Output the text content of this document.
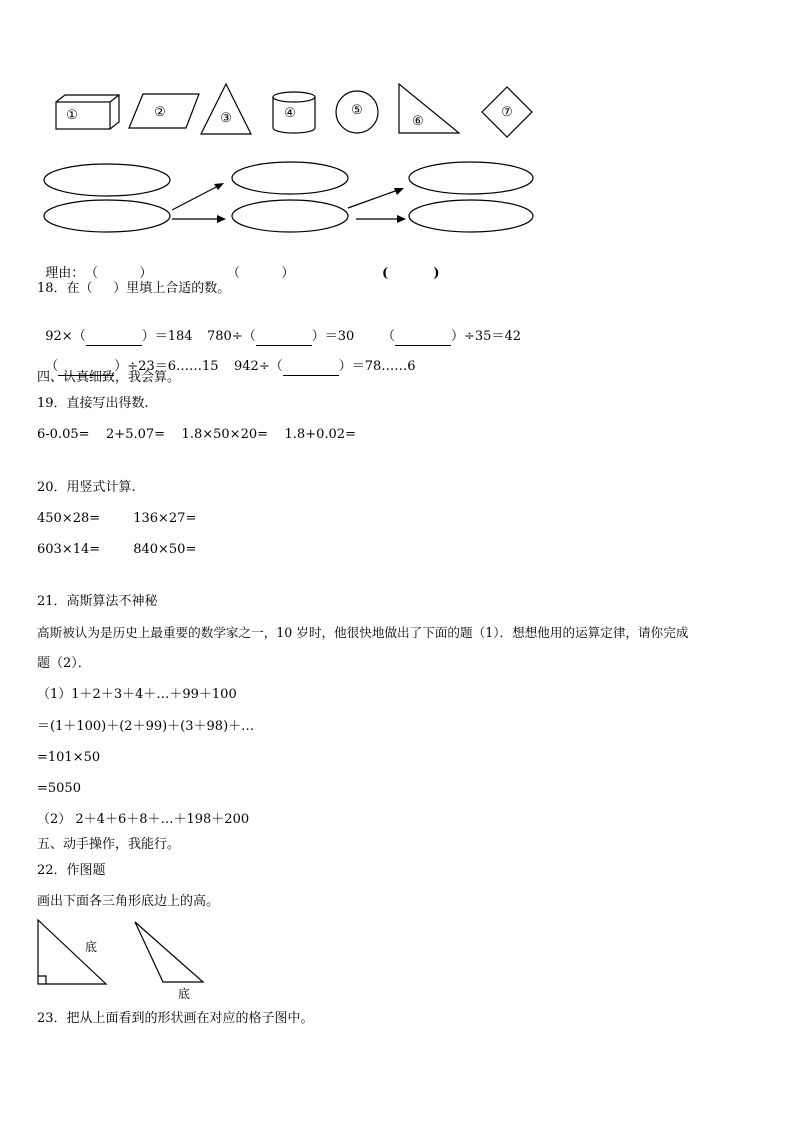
①	②	③	④	⑤
⑥
⑦

理由： （          ）	（          ）	(          )

18．在（     ）里填上合适的数。

92×（	）＝184 780÷（	）＝30 （	）÷35＝42

（	）÷23＝6……15 942÷（	）＝78……6

四、认真细致，我会算。
19．直接写出得数.
6-0.05=    2+5.07=    1.8×50×20=    1.8+0.02=
20．用竖式计算.
450×28=        136×27=
603×14=        840×50=
21．高斯算法不神秘
高斯被认为是历史上最重要的数学家之一，10 岁时，他很快地做出了下面的题（1）．想想他用的运算定律，请你完成
题（2）．
（1）1＋2＋3＋4＋…＋99＋100
＝(1＋100)＋(2＋99)＋(3＋98)＋…
=101×50
=5050
（2） 2＋4＋6＋8＋…＋198＋200
五、动手操作，我能行。
22．作图题
画出下面各三角形底边上的高。
底
底
23．把从上面看到的形状画在对应的格子图中。
